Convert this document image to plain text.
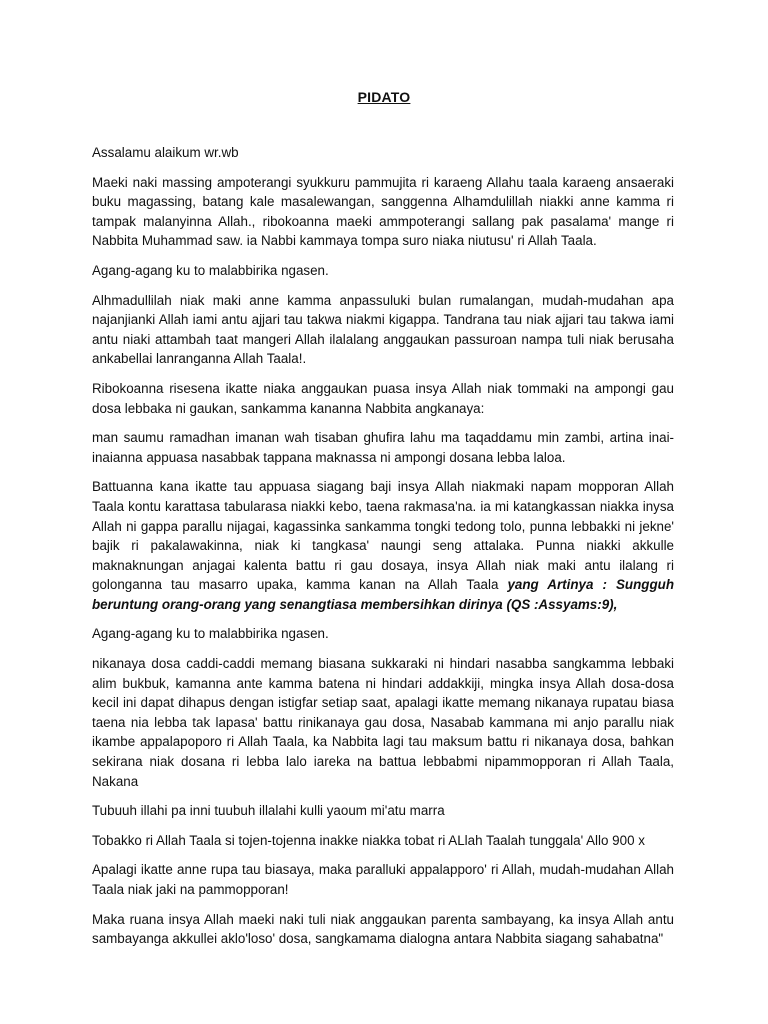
PIDATO

Assalamu alaikum wr.wb

Maeki naki massing ampoterangi syukkuru pammujita ri karaeng Allahu taala karaeng ansaeraki buku magassing, batang kale masalewangan, sanggenna Alhamdulillah niakki anne kamma ri tampak malanyinna Allah., ribokoanna maeki ammpoterangi sallang pak pasalama' mange ri Nabbita Muhammad saw. ia Nabbi kammaya tompa suro niaka niutusu' ri Allah Taala.

Agang-agang ku to malabbirika ngasen.

Alhmadullilah niak maki anne kamma anpassuluki bulan rumalangan, mudah-mudahan apa najanjianki Allah iami antu ajjari tau takwa niakmi kigappa. Tandrana tau niak ajjari tau takwa iami antu niaki attambah taat mangeri Allah ilalalang anggaukan passuroan nampa tuli niak berusaha ankabellai lanranganna Allah Taala!.

Ribokoanna risesena ikatte niaka anggaukan puasa insya Allah niak tommaki na ampongi gau dosa lebbaka ni gaukan, sankamma kananna Nabbita angkanaya:

man saumu ramadhan imanan wah tisaban ghufira lahu ma taqaddamu min zambi, artina inai-inaianna appuasa nasabbak tappana maknassa ni ampongi dosana lebba laloa.

Battuanna kana ikatte tau appuasa siagang baji insya Allah niakmaki napam mopporan Allah Taala kontu karattasa tabularasa niakki kebo, taena rakmasa'na. ia mi katangkassan niakka inysa Allah ni gappa parallu nijagai, kagassinka sankamma tongki tedong tolo, punna lebbakki ni jekne' bajik ri pakalawakinna, niak ki tangkasa' naungi seng attalaka. Punna niakki akkulle maknaknungan anjagai kalenta battu ri gau dosaya, insya Allah niak maki antu ilalang ri golonganna tau masarro upaka, kamma kanan na Allah Taala yang Artinya : Sungguh beruntung orang-orang yang senangtiasa membersihkan dirinya (QS :Assyams:9),

Agang-agang ku to malabbirika ngasen.

nikanaya dosa caddi-caddi memang biasana sukkaraki ni hindari nasabba sangkamma lebbaki alim bukbuk, kamanna ante kamma batena ni hindari addakkiji, mingka insya Allah dosa-dosa kecil ini dapat dihapus dengan istigfar setiap saat, apalagi ikatte memang nikanaya rupatau biasa taena nia lebba tak lapasa' battu rinikanaya gau dosa, Nasabab kammana mi anjo parallu niak ikambe appalapoporo ri Allah Taala, ka Nabbita lagi tau maksum battu ri nikanaya dosa, bahkan sekirana niak dosana ri lebba lalo iareka na battua lebbabmi nipammopporan ri Allah Taala, Nakana

Tubuuh illahi pa inni tuubuh illalahi kulli yaoum mi'atu marra

Tobakko ri Allah Taala si tojen-tojenna inakke niakka tobat ri ALlah Taalah tunggala' Allo 900 x

Apalagi ikatte anne rupa tau biasaya, maka paralluki appalapporo' ri Allah, mudah-mudahan Allah Taala niak jaki na pammopporan!

Maka ruana insya Allah maeki naki tuli niak anggaukan parenta sambayang, ka insya Allah antu sambayanga akkullei aklo'loso' dosa, sangkamama dialogna antara Nabbita siagang sahabatna"
